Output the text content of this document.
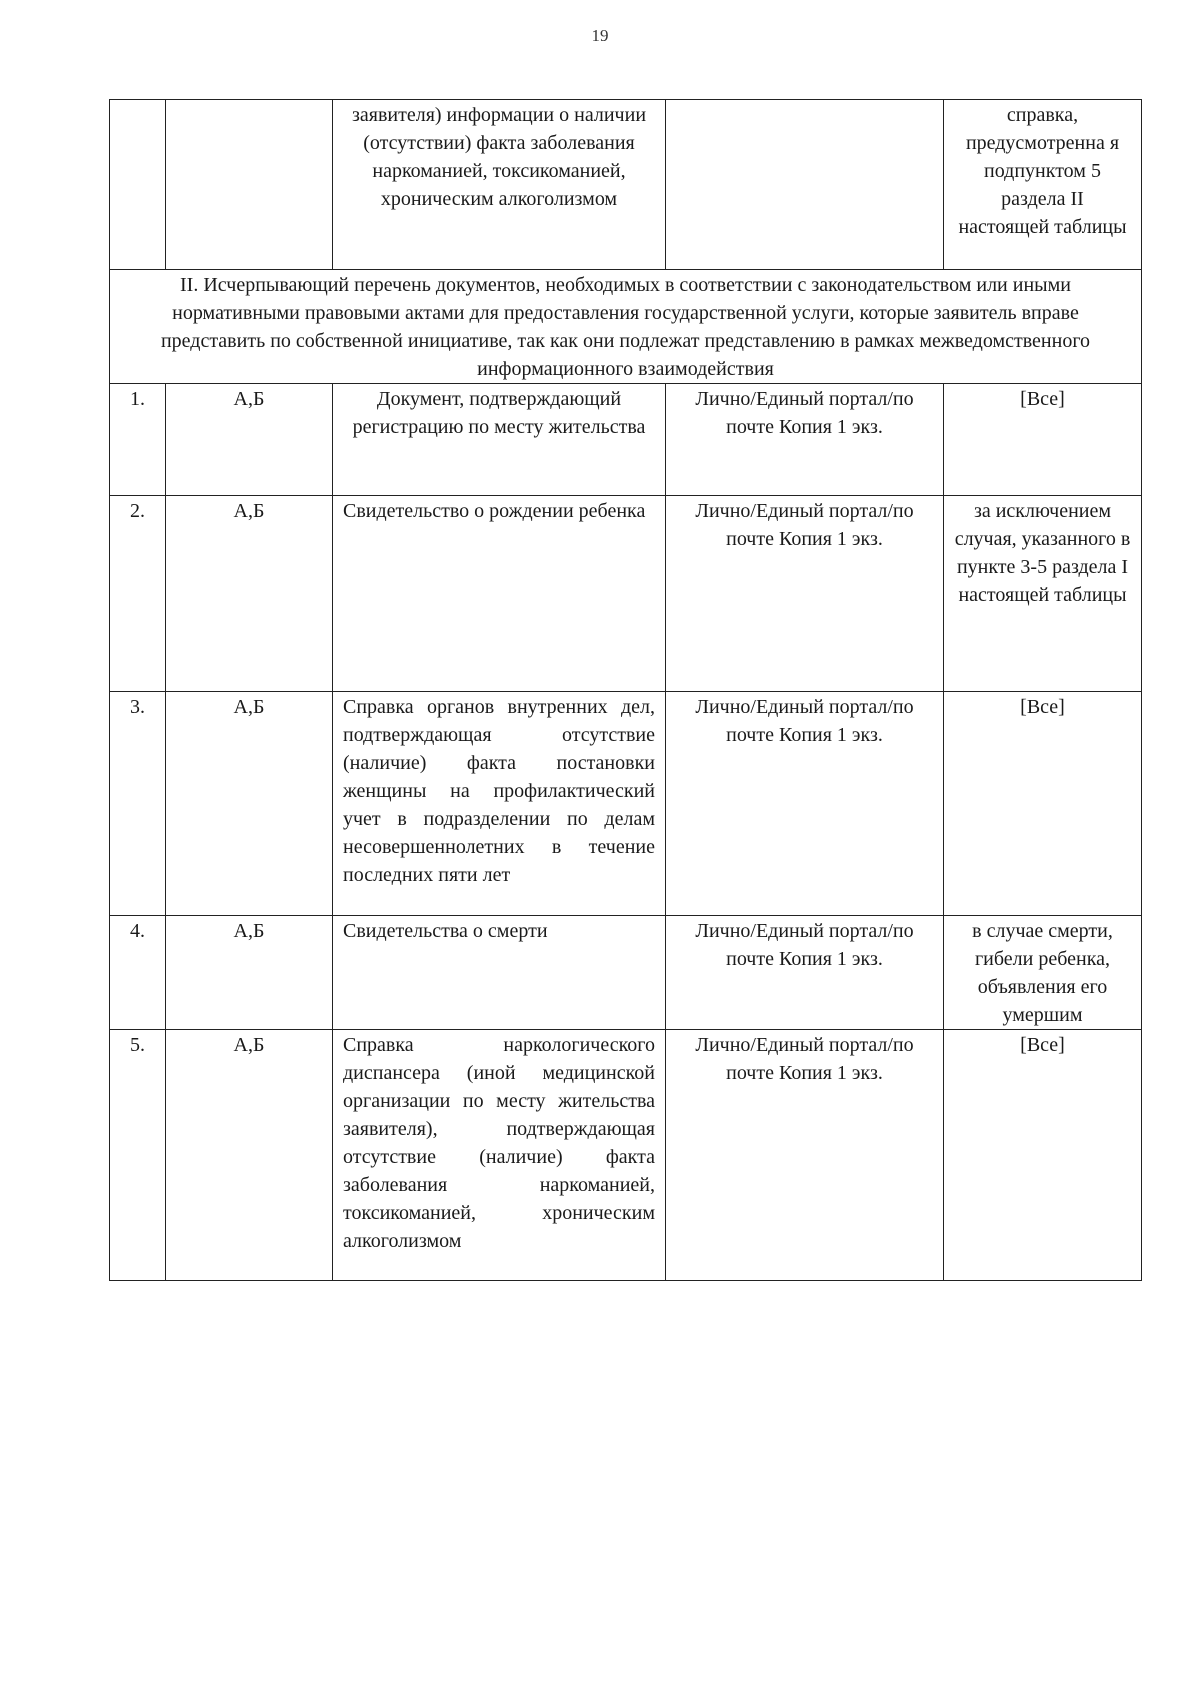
19
		заявителя) информации о наличии (отсутствии) факта заболевания наркоманией, токсикоманией, хроническим алкоголизмом		справка, предусмотренна я подпунктом 5 раздела II настоящей таблицы
II. Исчерпывающий перечень документов, необходимых в соответствии с законодательством или иными нормативными правовыми актами для предоставления государственной услуги, которые заявитель вправе представить по собственной инициативе, так как они подлежат представлению в рамках межведомственного информационного взаимодействия				
1.	А,Б	Документ, подтверждающий регистрацию по месту жительства	Лично/Единый портал/по почте Копия 1 экз.	[Все]
2.	А,Б	Свидетельство о рождении ребенка	Лично/Единый портал/по почте Копия 1 экз.	за исключением случая, указанного в пункте 3-5 раздела I настоящей таблицы
3.	А,Б	Справка органов внутренних дел, подтверждающая отсутствие (наличие) факта постановки женщины на профилактический учет в подразделении по делам несовершеннолетних в течение последних пяти лет	Лично/Единый портал/по почте Копия 1 экз.	[Все]
4.	А,Б	Свидетельства о смерти	Лично/Единый портал/по почте Копия 1 экз.	в случае смерти, гибели ребенка, объявления его умершим
5.	А,Б	Справка наркологического диспансера (иной медицинской организации по месту жительства заявителя), подтверждающая отсутствие (наличие) факта заболевания наркоманией, токсикоманией, хроническим алкоголизмом	Лично/Единый портал/по почте Копия 1 экз.	[Все]
